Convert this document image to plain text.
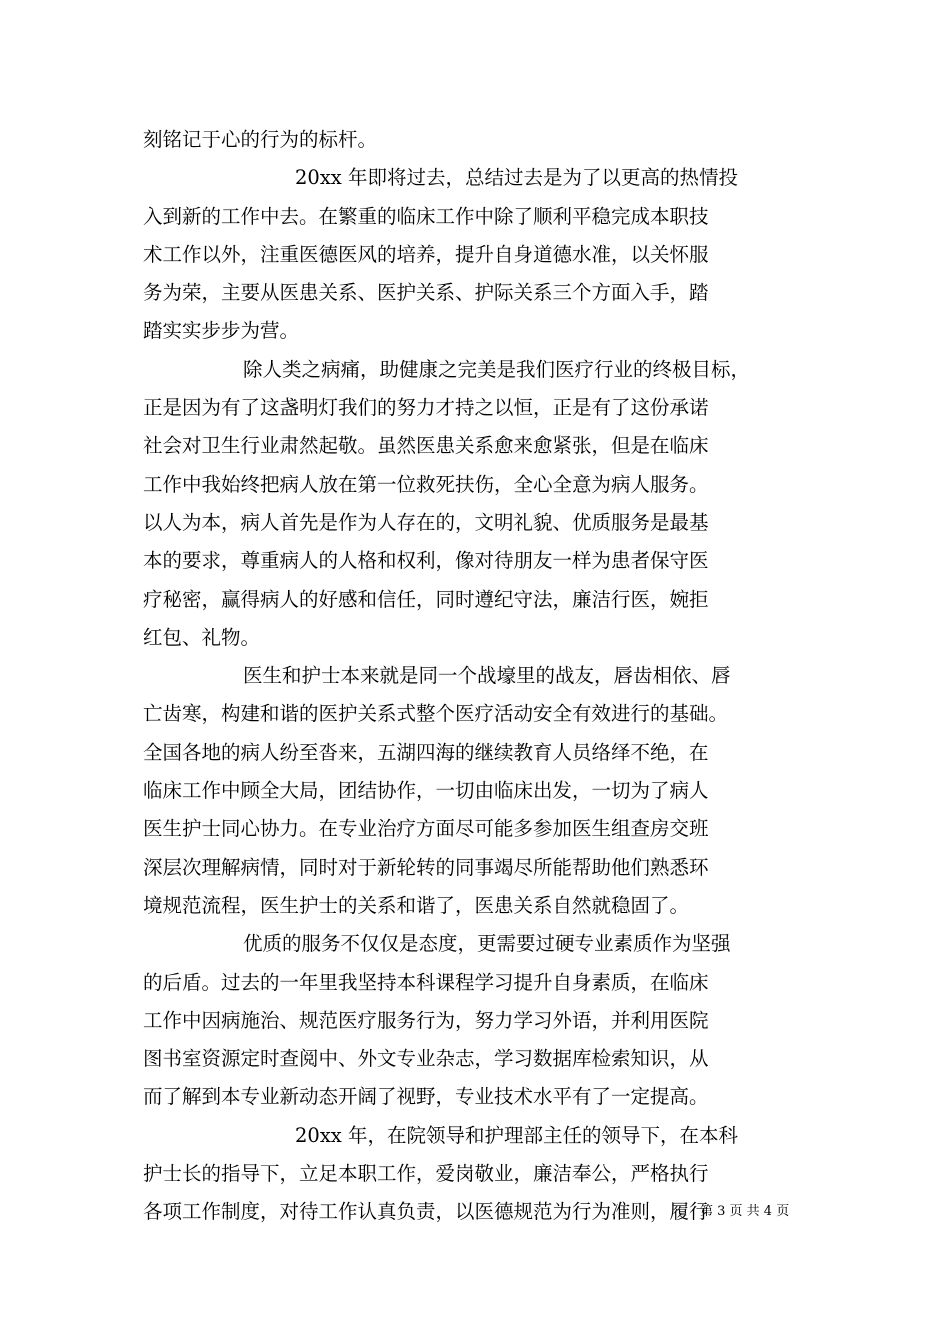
刻铭记于心的行为的标杆。
20xx 年即将过去，总结过去是为了以更高的热情投
入到新的工作中去。在繁重的临床工作中除了顺利平稳完成本职技
术工作以外，注重医德医风的培养，提升自身道德水准，以关怀服
务为荣，主要从医患关系、医护关系、护际关系三个方面入手，踏
踏实实步步为营。
除人类之病痛，助健康之完美是我们医疗行业的终极目标，
正是因为有了这盏明灯我们的努力才持之以恒，正是有了这份承诺
社会对卫生行业肃然起敬。虽然医患关系愈来愈紧张，但是在临床
工作中我始终把病人放在第一位救死扶伤，全心全意为病人服务。
以人为本，病人首先是作为人存在的，文明礼貌、优质服务是最基
本的要求，尊重病人的人格和权利，像对待朋友一样为患者保守医
疗秘密，赢得病人的好感和信任，同时遵纪守法，廉洁行医，婉拒
红包、礼物。
医生和护士本来就是同一个战壕里的战友，唇齿相依、唇
亡齿寒，构建和谐的医护关系式整个医疗活动安全有效进行的基础。
全国各地的病人纷至沓来，五湖四海的继续教育人员络绎不绝，在
临床工作中顾全大局，团结协作，一切由临床出发，一切为了病人
医生护士同心协力。在专业治疗方面尽可能多参加医生组查房交班
深层次理解病情，同时对于新轮转的同事竭尽所能帮助他们熟悉环
境规范流程，医生护士的关系和谐了，医患关系自然就稳固了。
优质的服务不仅仅是态度，更需要过硬专业素质作为坚强
的后盾。过去的一年里我坚持本科课程学习提升自身素质，在临床
工作中因病施治、规范医疗服务行为，努力学习外语，并利用医院
图书室资源定时查阅中、外文专业杂志，学习数据库检索知识，从
而了解到本专业新动态开阔了视野，专业技术水平有了一定提高。
20xx 年，在院领导和护理部主任的领导下，在本科
护士长的指导下，立足本职工作，爱岗敬业，廉洁奉公，严格执行
各项工作制度，对待工作认真负责，以医德规范为行为准则，履行
第 3 页 共 4 页
